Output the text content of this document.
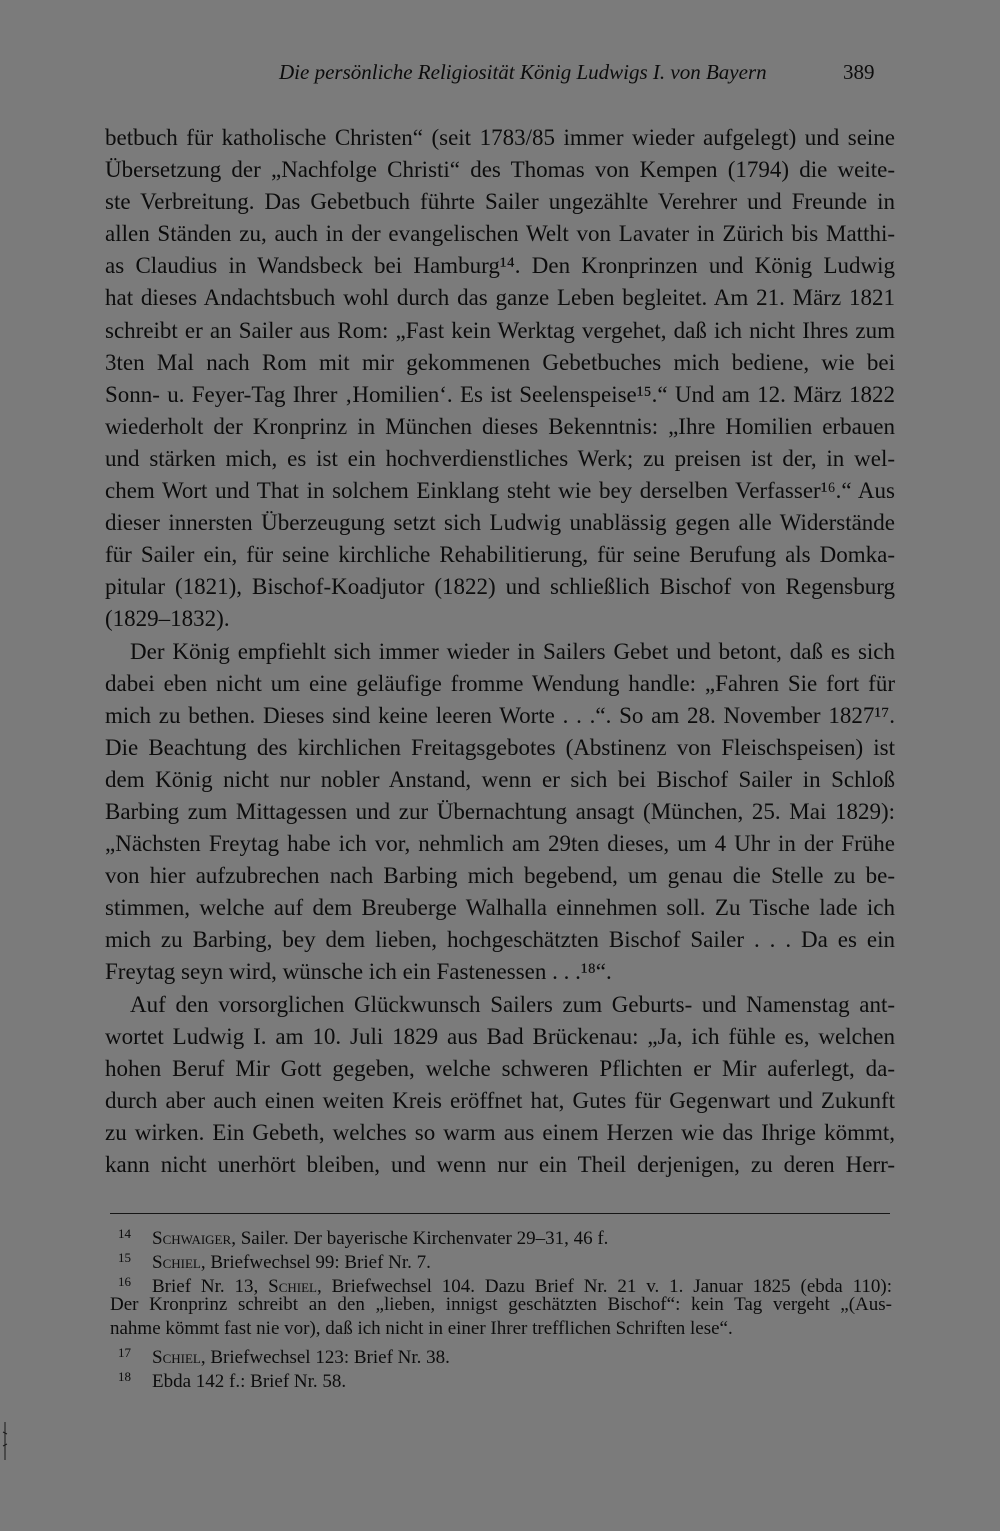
Die persönliche Religiosität König Ludwigs I. von Bayern	389
betbuch für katholische Christen“ (seit 1783/85 immer wieder aufgelegt) und seine
Übersetzung der „Nachfolge Christi“ des Thomas von Kempen (1794) die weite-
ste Verbreitung. Das Gebetbuch führte Sailer ungezählte Verehrer und Freunde in
allen Ständen zu, auch in der evangelischen Welt von Lavater in Zürich bis Matthi-
as Claudius in Wandsbeck bei Hamburg¹⁴. Den Kronprinzen und König Ludwig
hat dieses Andachtsbuch wohl durch das ganze Leben begleitet. Am 21. März 1821
schreibt er an Sailer aus Rom: „Fast kein Werktag vergehet, daß ich nicht Ihres zum
3ten Mal nach Rom mit mir gekommenen Gebetbuches mich bediene, wie bei
Sonn- u. Feyer-Tag Ihrer ‚Homilien‘. Es ist Seelenspeise¹⁵.“ Und am 12. März 1822
wiederholt der Kronprinz in München dieses Bekenntnis: „Ihre Homilien erbauen
und stärken mich, es ist ein hochverdienstliches Werk; zu preisen ist der, in wel-
chem Wort und That in solchem Einklang steht wie bey derselben Verfasser¹⁶.“ Aus
dieser innersten Überzeugung setzt sich Ludwig unablässig gegen alle Widerstände
für Sailer ein, für seine kirchliche Rehabilitierung, für seine Berufung als Domka-
pitular (1821), Bischof-Koadjutor (1822) und schließlich Bischof von Regensburg
(1829–1832).
Der König empfiehlt sich immer wieder in Sailers Gebet und betont, daß es sich
dabei eben nicht um eine geläufige fromme Wendung handle: „Fahren Sie fort für
mich zu bethen. Dieses sind keine leeren Worte . . .“. So am 28. November 1827¹⁷.
Die Beachtung des kirchlichen Freitagsgebotes (Abstinenz von Fleischspeisen) ist
dem König nicht nur nobler Anstand, wenn er sich bei Bischof Sailer in Schloß
Barbing zum Mittagessen und zur Übernachtung ansagt (München, 25. Mai 1829):
„Nächsten Freytag habe ich vor, nehmlich am 29ten dieses, um 4 Uhr in der Frühe
von hier aufzubrechen nach Barbing mich begebend, um genau die Stelle zu be-
stimmen, welche auf dem Breuberge Walhalla einnehmen soll. Zu Tische lade ich
mich zu Barbing, bey dem lieben, hochgeschätzten Bischof Sailer . . . Da es ein
Freytag seyn wird, wünsche ich ein Fastenessen . . .¹⁸“.
Auf den vorsorglichen Glückwunsch Sailers zum Geburts- und Namenstag ant-
wortet Ludwig I. am 10. Juli 1829 aus Bad Brückenau: „Ja, ich fühle es, welchen
hohen Beruf Mir Gott gegeben, welche schweren Pflichten er Mir auferlegt, da-
durch aber auch einen weiten Kreis eröffnet hat, Gutes für Gegenwart und Zukunft
zu wirken. Ein Gebeth, welches so warm aus einem Herzen wie das Ihrige kömmt,
kann nicht unerhört bleiben, und wenn nur ein Theil derjenigen, zu deren Herr-
14 Schwaiger, Sailer. Der bayerische Kirchenvater 29–31, 46 f.
15 Schiel, Briefwechsel 99: Brief Nr. 7.
16 Brief Nr. 13, Schiel, Briefwechsel 104. Dazu Brief Nr. 21 v. 1. Januar 1825 (ebda 110):
Der Kronprinz schreibt an den „lieben, innigst geschätzten Bischof“: kein Tag vergeht „(Aus-
nahme kömmt fast nie vor), daß ich nicht in einer Ihrer trefflichen Schriften lese“.
17 Schiel, Briefwechsel 123: Brief Nr. 38.
18 Ebda 142 f.: Brief Nr. 58.
